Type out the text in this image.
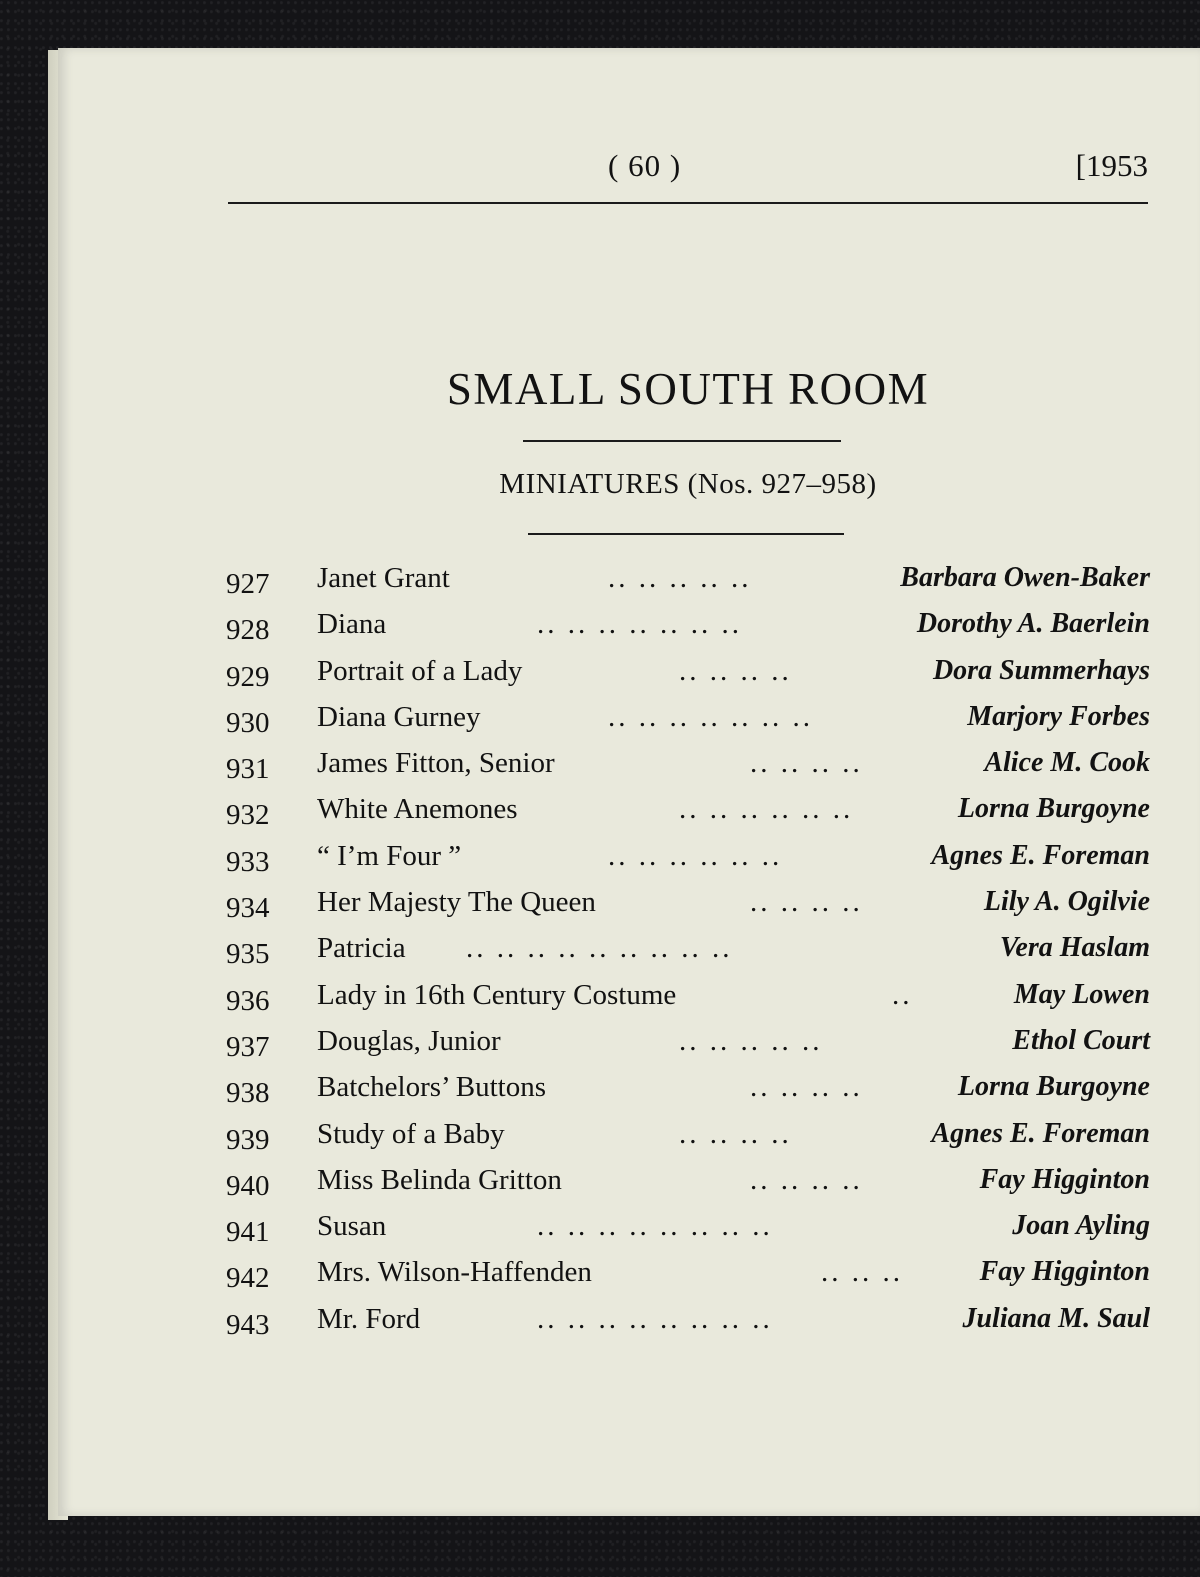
( 60 )	[1953
SMALL SOUTH ROOM
MINIATURES (Nos. 927–958)
927 Janet Grant	.. .. .. .. ..	Barbara Owen-Baker
928 Diana	.. .. .. .. .. .. ..	Dorothy A. Baerlein
929 Portrait of a Lady	.. .. .. ..	Dora Summerhays
930 Diana Gurney	.. .. .. .. .. .. ..	Marjory Forbes
931 James Fitton, Senior	.. .. .. ..	Alice M. Cook
932 White Anemones	.. .. .. .. .. ..	Lorna Burgoyne
933 “ I’m Four ”	.. .. .. .. .. ..	Agnes E. Foreman
934 Her Majesty The Queen	.. .. .. ..	Lily A. Ogilvie
935 Patricia .. .. .. .. .. .. .. .. ..	Vera Haslam
936 Lady in 16th Century Costume	..	May Lowen
937 Douglas, Junior	.. .. .. .. ..	Ethol Court
938 Batchelors’ Buttons	.. .. .. ..	Lorna Burgoyne
939 Study of a Baby	.. .. .. ..	Agnes E. Foreman
940 Miss Belinda Gritton	.. .. .. ..	Fay Higginton
941 Susan	.. .. .. .. .. .. .. ..	Joan Ayling
942 Mrs. Wilson-Haffenden	.. .. ..	Fay Higginton
943 Mr. Ford	.. .. .. .. .. .. .. ..	Juliana M. Saul
